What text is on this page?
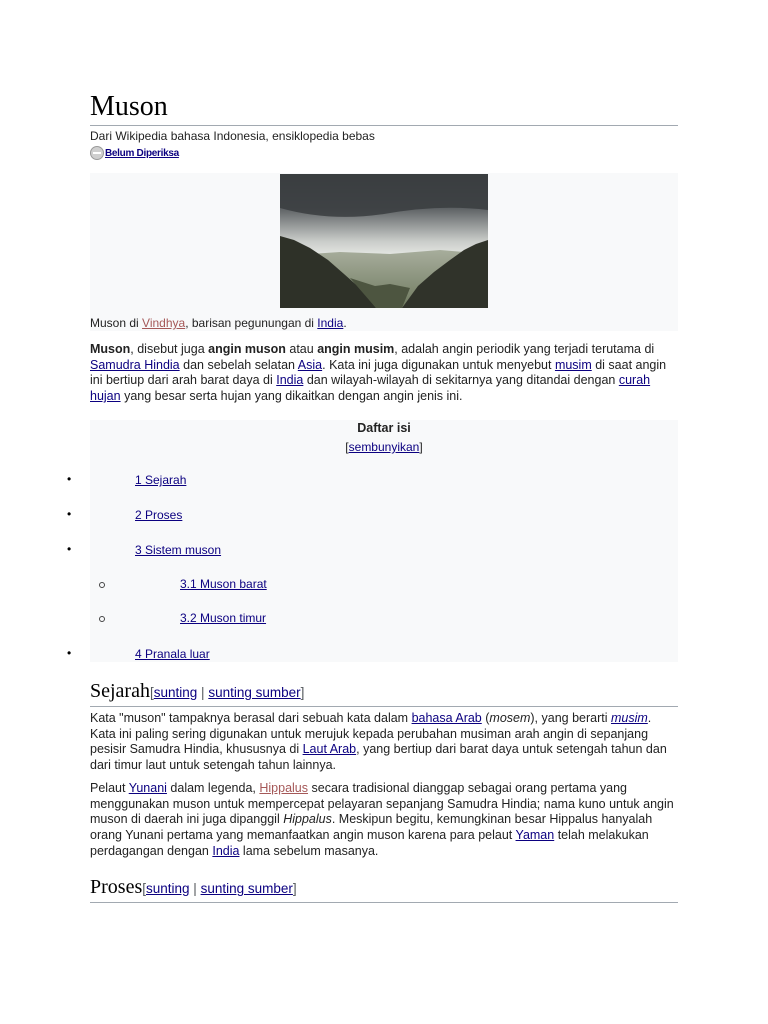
Muson
Dari Wikipedia bahasa Indonesia, ensiklopedia bebas
Belum Diperiksa
Muson di Vindhya, barisan pegunungan di India.

Muson, disebut juga angin muson atau angin musim, adalah angin periodik yang terjadi terutama di Samudra Hindia dan sebelah selatan Asia. Kata ini juga digunakan untuk menyebut musim di saat angin ini bertiup dari arah barat daya di India dan wilayah-wilayah di sekitarnya yang ditandai dengan curah hujan yang besar serta hujan yang dikaitkan dengan angin jenis ini.

Daftar isi
[sembunyikan]
1 Sejarah
2 Proses
3 Sistem muson
3.1 Muson barat
3.2 Muson timur
4 Pranala luar
•
•
•
•
Sejarah[sunting | sunting sumber]

Kata "muson" tampaknya berasal dari sebuah kata dalam bahasa Arab (mosem), yang berarti musim. Kata ini paling sering digunakan untuk merujuk kepada perubahan musiman arah angin di sepanjang pesisir Samudra Hindia, khususnya di Laut Arab, yang bertiup dari barat daya untuk setengah tahun dan dari timur laut untuk setengah tahun lainnya.

Pelaut Yunani dalam legenda, Hippalus secara tradisional dianggap sebagai orang pertama yang menggunakan muson untuk mempercepat pelayaran sepanjang Samudra Hindia; nama kuno untuk angin muson di daerah ini juga dipanggil Hippalus. Meskipun begitu, kemungkinan besar Hippalus hanyalah orang Yunani pertama yang memanfaatkan angin muson karena para pelaut Yaman telah melakukan perdagangan dengan India lama sebelum masanya.

Proses[sunting | sunting sumber]
